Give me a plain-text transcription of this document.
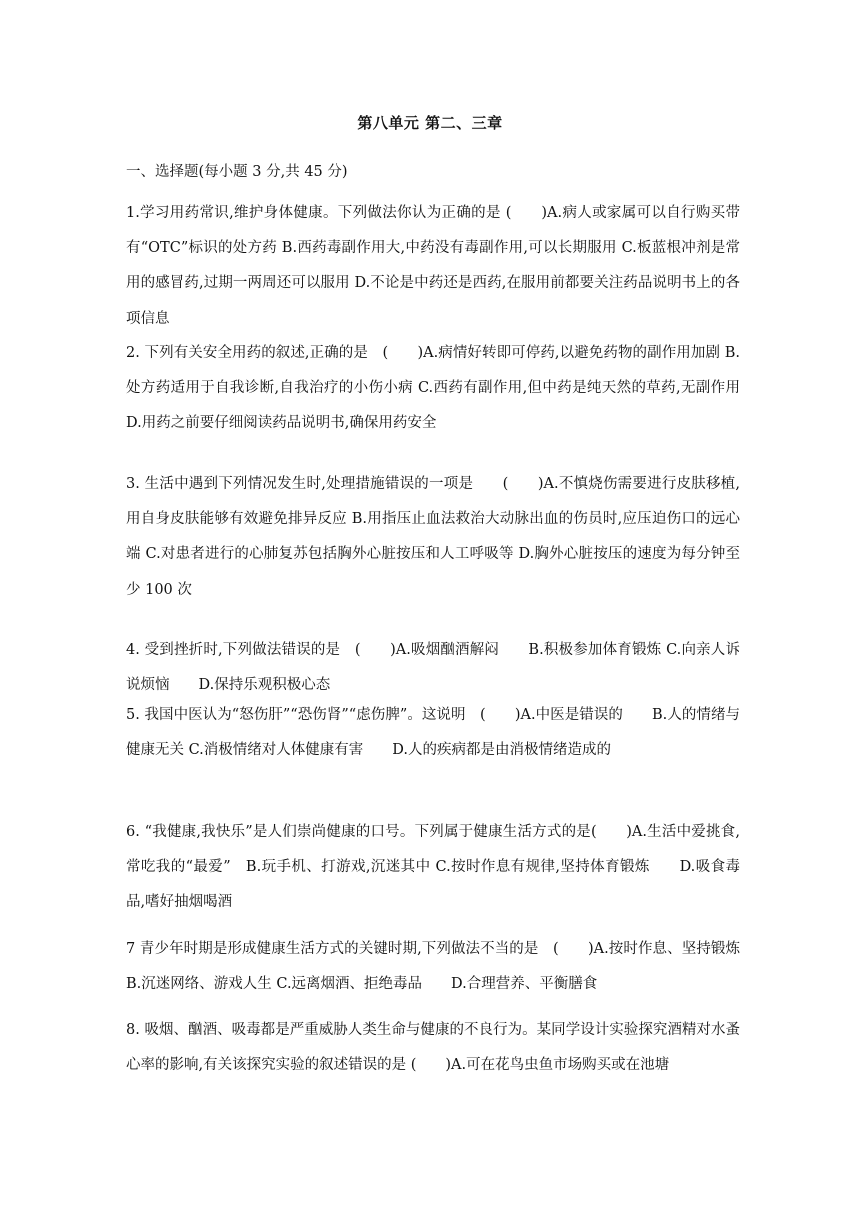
第八单元 第二、三章
一、选择题(每小题 3 分,共 45 分)
1.学习用药常识,维护身体健康。下列做法你认为正确的是 (　　)A.病人或家属可以自行购买带有“OTC”标识的处方药 B.西药毒副作用大,中药没有毒副作用,可以长期服用 C.板蓝根冲剂是常用的感冒药,过期一两周还可以服用 D.不论是中药还是西药,在服用前都要关注药品说明书上的各项信息
2. 下列有关安全用药的叙述,正确的是　(　　)A.病情好转即可停药,以避免药物的副作用加剧 B.处方药适用于自我诊断,自我治疗的小伤小病 C.西药有副作用,但中药是纯天然的草药,无副作用 D.用药之前要仔细阅读药品说明书,确保用药安全
3. 生活中遇到下列情况发生时,处理措施错误的一项是　　(　　)A.不慎烧伤需要进行皮肤移植,用自身皮肤能够有效避免排异反应 B.用指压止血法救治大动脉出血的伤员时,应压迫伤口的远心端 C.对患者进行的心肺复苏包括胸外心脏按压和人工呼吸等 D.胸外心脏按压的速度为每分钟至少 100 次
4. 受到挫折时,下列做法错误的是　(　　)A.吸烟酗酒解闷　　B.积极参加体育锻炼 C.向亲人诉说烦恼　　D.保持乐观积极心态
5. 我国中医认为“怒伤肝”“恐伤肾”“虑伤脾”。这说明　(　　)A.中医是错误的　　B.人的情绪与健康无关 C.消极情绪对人体健康有害　　D.人的疾病都是由消极情绪造成的
6. “我健康,我快乐”是人们崇尚健康的口号。下列属于健康生活方式的是(　　)A.生活中爱挑食,常吃我的“最爱”　B.玩手机、打游戏,沉迷其中 C.按时作息有规律,坚持体育锻炼　　D.吸食毒品,嗜好抽烟喝酒
7 青少年时期是形成健康生活方式的关键时期,下列做法不当的是　(　　)A.按时作息、坚持锻炼　B.沉迷网络、游戏人生 C.远离烟酒、拒绝毒品　　D.合理营养、平衡膳食
8. 吸烟、酗酒、吸毒都是严重威胁人类生命与健康的不良行为。某同学设计实验探究酒精对水蚤心率的影响,有关该探究实验的叙述错误的是 (　　)A.可在花鸟虫鱼市场购买或在池塘
